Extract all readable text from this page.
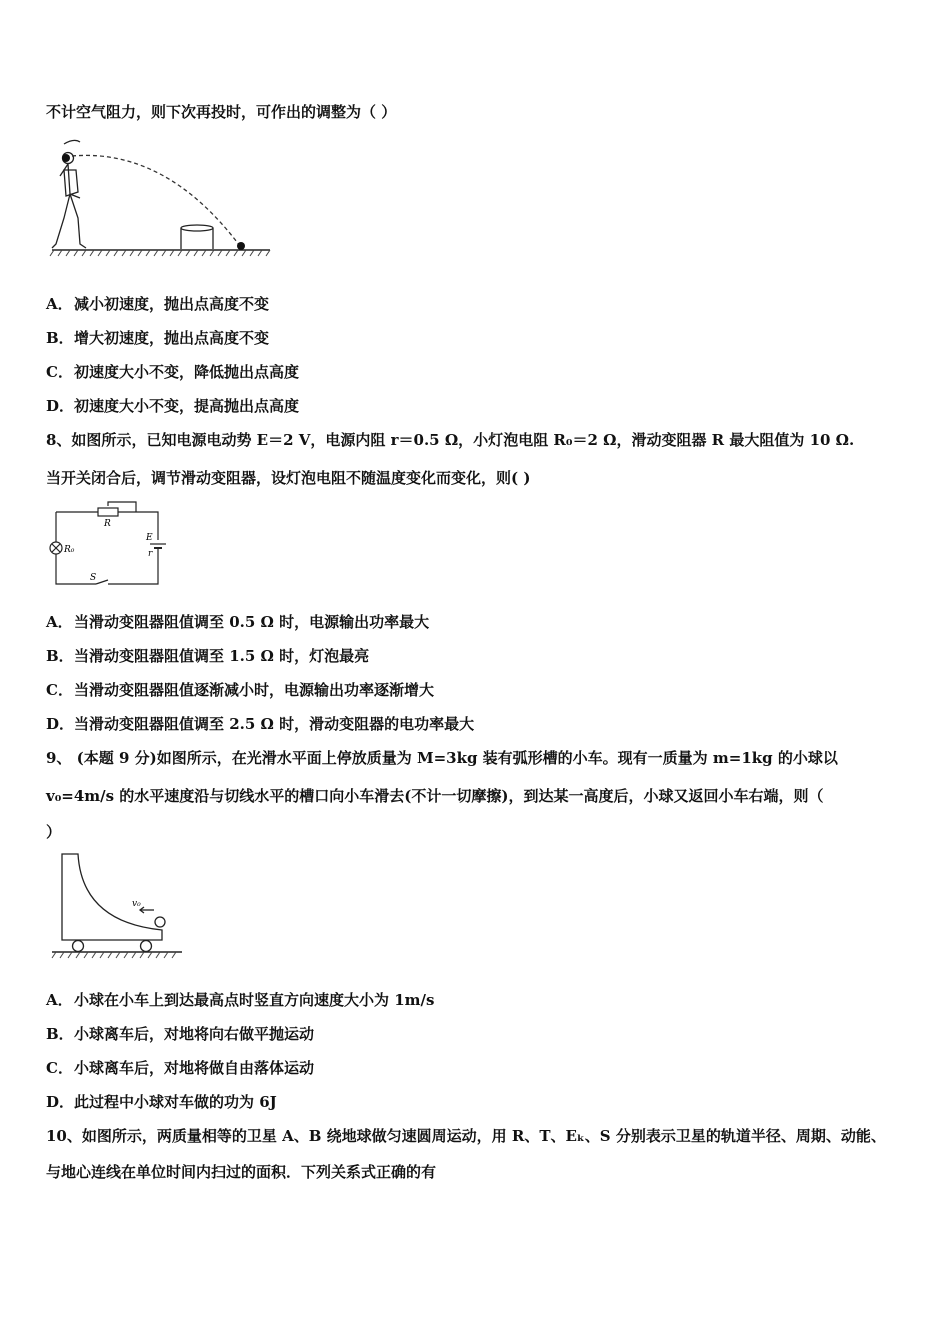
不计空气阻力，则下次再投时，可作出的调整为（ ）
A．减小初速度，抛出点高度不变
B．增大初速度，抛出点高度不变
C．初速度大小不变，降低抛出点高度
D．初速度大小不变，提高抛出点高度
8、如图所示，已知电源电动势 E＝2 V，电源内阻 r＝0.5 Ω，小灯泡电阻 R₀＝2 Ω，滑动变阻器 R 最大阻值为 10 Ω.
当开关闭合后，调节滑动变阻器，设灯泡电阻不随温度变化而变化，则( )
R
E
r
R₀
S
A．当滑动变阻器阻值调至 0.5 Ω 时，电源输出功率最大
B．当滑动变阻器阻值调至 1.5 Ω 时，灯泡最亮
C．当滑动变阻器阻值逐渐减小时，电源输出功率逐渐增大
D．当滑动变阻器阻值调至 2.5 Ω 时，滑动变阻器的电功率最大
9、 (本题 9 分)如图所示，在光滑水平面上停放质量为 M=3kg 装有弧形槽的小车。现有一质量为 m=1kg 的小球以
v₀=4m/s 的水平速度沿与切线水平的槽口向小车滑去(不计一切摩擦)，到达某一高度后，小球又返回小车右端，则（
）
v₀
A．小球在小车上到达最高点时竖直方向速度大小为 1m/s
B．小球离车后，对地将向右做平抛运动
C．小球离车后，对地将做自由落体运动
D．此过程中小球对车做的功为 6J
10、如图所示，两质量相等的卫星 A、B 绕地球做匀速圆周运动，用 R、T、Eₖ、S 分别表示卫星的轨道半径、周期、动能、
与地心连线在单位时间内扫过的面积．下列关系式正确的有
